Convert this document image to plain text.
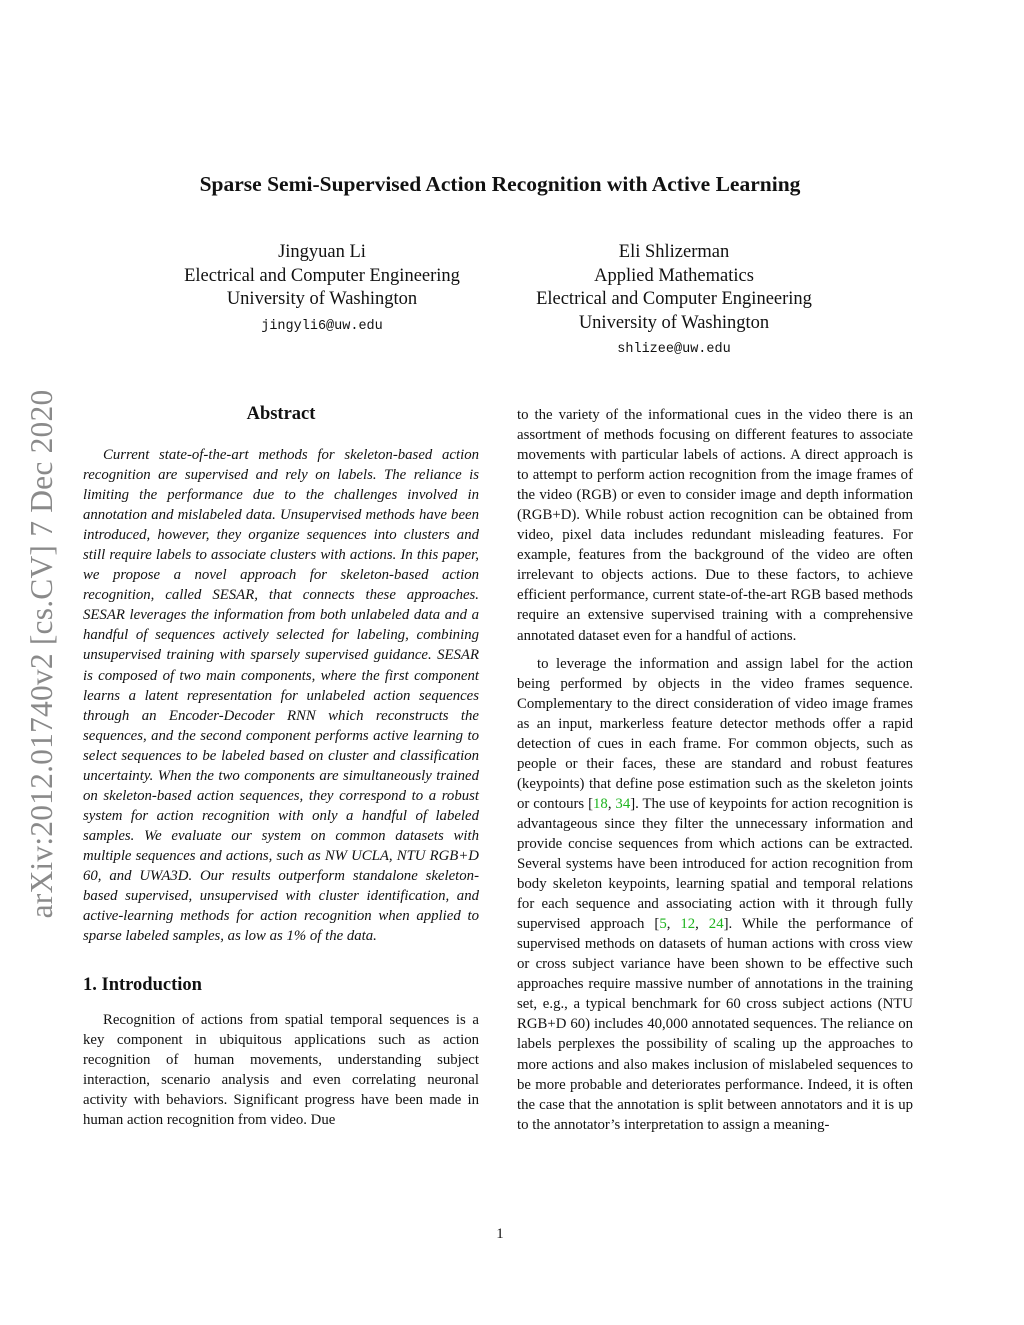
arXiv:2012.01740v2 [cs.CV] 7 Dec 2020
Sparse Semi-Supervised Action Recognition with Active Learning
Jingyuan Li
Electrical and Computer Engineering
University of Washington
jingyli6@uw.edu
Eli Shlizerman
Applied Mathematics
Electrical and Computer Engineering
University of Washington
shlizee@uw.edu
Abstract

Current state-of-the-art methods for skeleton-based action recognition are supervised and rely on labels. The reliance is limiting the performance due to the challenges involved in annotation and mislabeled data. Unsupervised methods have been introduced, however, they organize sequences into clusters and still require labels to associate clusters with actions. In this paper, we propose a novel approach for skeleton-based action recognition, called SESAR, that connects these approaches. SESAR leverages the information from both unlabeled data and a handful of sequences actively selected for labeling, combining unsupervised training with sparsely supervised guidance. SESAR is composed of two main components, where the first component learns a latent representation for unlabeled action sequences through an Encoder-Decoder RNN which reconstructs the sequences, and the second component performs active learning to select sequences to be labeled based on cluster and classification uncertainty. When the two components are simultaneously trained on skeleton-based action sequences, they correspond to a robust system for action recognition with only a handful of labeled samples. We evaluate our system on common datasets with multiple sequences and actions, such as NW UCLA, NTU RGB+D 60, and UWA3D. Our results outperform standalone skeleton-based supervised, unsupervised with cluster identification, and active-learning methods for action recognition when applied to sparse labeled samples, as low as 1% of the data.

1. Introduction

Recognition of actions from spatial temporal sequences is a key component in ubiquitous applications such as action recognition of human movements, understanding subject interaction, scenario analysis and even correlating neuronal activity with behaviors. Significant progress have been made in human action recognition from video. Due

to the variety of the informational cues in the video there is an assortment of methods focusing on different features to associate movements with particular labels of actions. A direct approach is to attempt to perform action recognition from the image frames of the video (RGB) or even to consider image and depth information (RGB+D). While robust action recognition can be obtained from video, pixel data includes redundant misleading features. For example, features from the background of the video are often irrelevant to objects actions. Due to these factors, to achieve efficient performance, current state-of-the-art RGB based methods require an extensive supervised training with a comprehensive annotated dataset even for a handful of actions.

to leverage the information and assign label for the action being performed by objects in the video frames sequence. Complementary to the direct consideration of video image frames as an input, markerless feature detector methods offer a rapid detection of cues in each frame. For common objects, such as people or their faces, these are standard and robust features (keypoints) that define pose estimation such as the skeleton joints or contours [18, 34]. The use of keypoints for action recognition is advantageous since they filter the unnecessary information and provide concise sequences from which actions can be extracted. Several systems have been introduced for action recognition from body skeleton keypoints, learning spatial and temporal relations for each sequence and associating action with it through fully supervised approach [5, 12, 24]. While the performance of supervised methods on datasets of human actions with cross view or cross subject variance have been shown to be effective such approaches require massive number of annotations in the training set, e.g., a typical benchmark for 60 cross subject actions (NTU RGB+D 60) includes 40,000 annotated sequences. The reliance on labels perplexes the possibility of scaling up the approaches to more actions and also makes inclusion of mislabeled sequences to be more probable and deteriorates performance. Indeed, it is often the case that the annotation is split between annotators and it is up to the annotator’s interpretation to assign a meaning-

1
